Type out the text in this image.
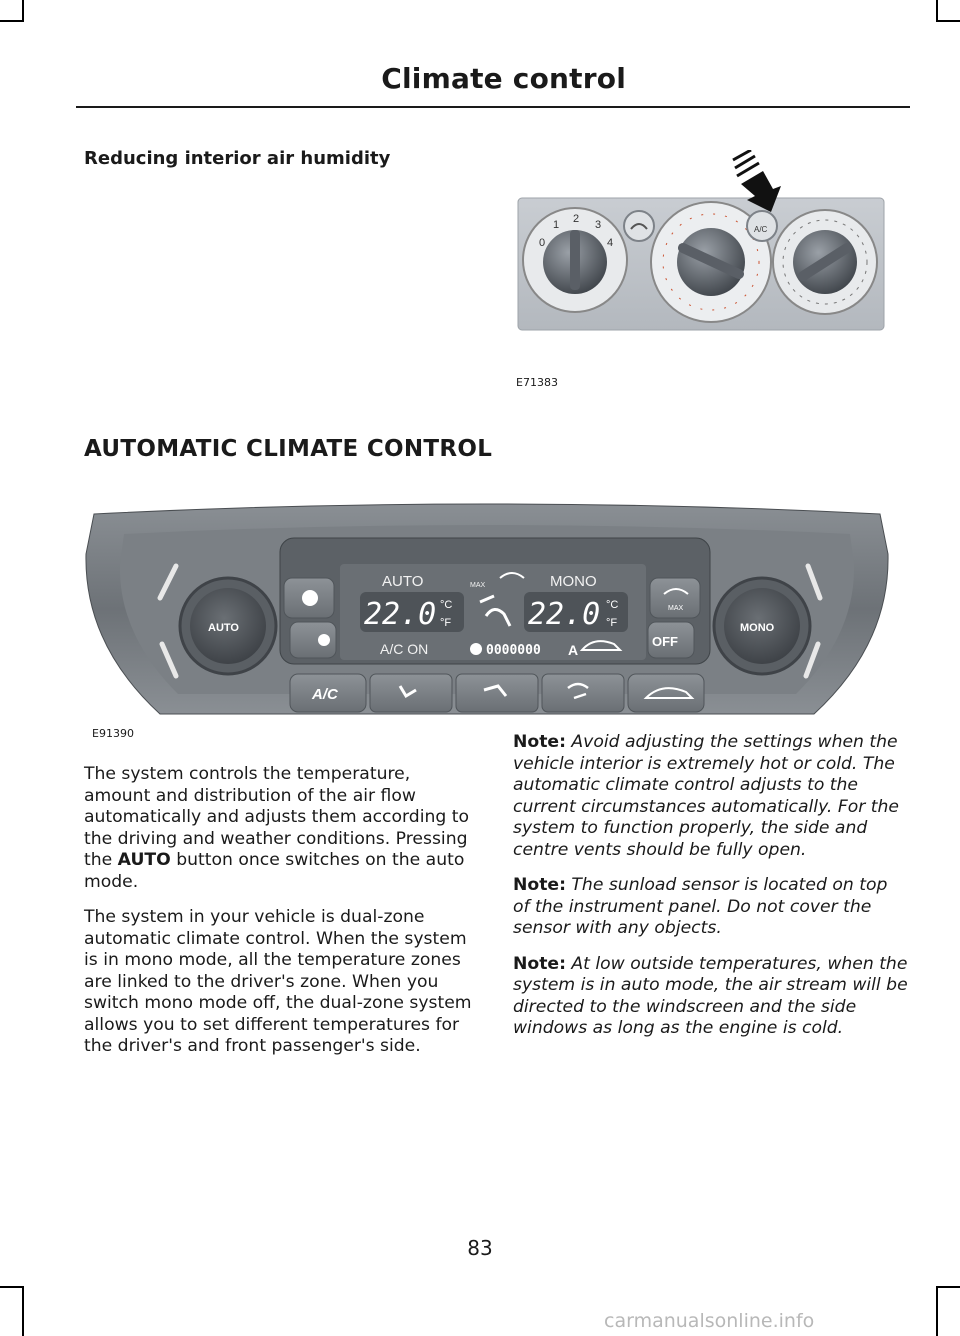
Climate control
Reducing interior air humidity
0
1 2 3
4
A/C
E71383
AUTOMATIC CLIMATE CONTROL
AUTO	MAX	MONO
22.0 °C
°F	22.0 °C
°F
A/C ON	0000000 A
MAX
OFF
AUTO	MONO
A/C
E91390

The system controls the temperature, amount and distribution of the air flow automatically and adjusts them according to the driving and weather conditions. Pressing the AUTO button once switches on the auto mode.

The system in your vehicle is dual-zone automatic climate control. When the system is in mono mode, all the temperature zones are linked to the driver's zone. When you switch mono mode off, the dual-zone system allows you to set different temperatures for the driver's and front passenger's side.

Note: Avoid adjusting the settings when the vehicle interior is extremely hot or cold. The automatic climate control adjusts to the current circumstances automatically. For the system to function properly, the side and centre vents should be fully open.

Note: The sunload sensor is located on top of the instrument panel. Do not cover the sensor with any objects.

Note: At low outside temperatures, when the system is in auto mode, the air stream will be directed to the windscreen and the side windows as long as the engine is cold.

83
carmanualsonline.info
